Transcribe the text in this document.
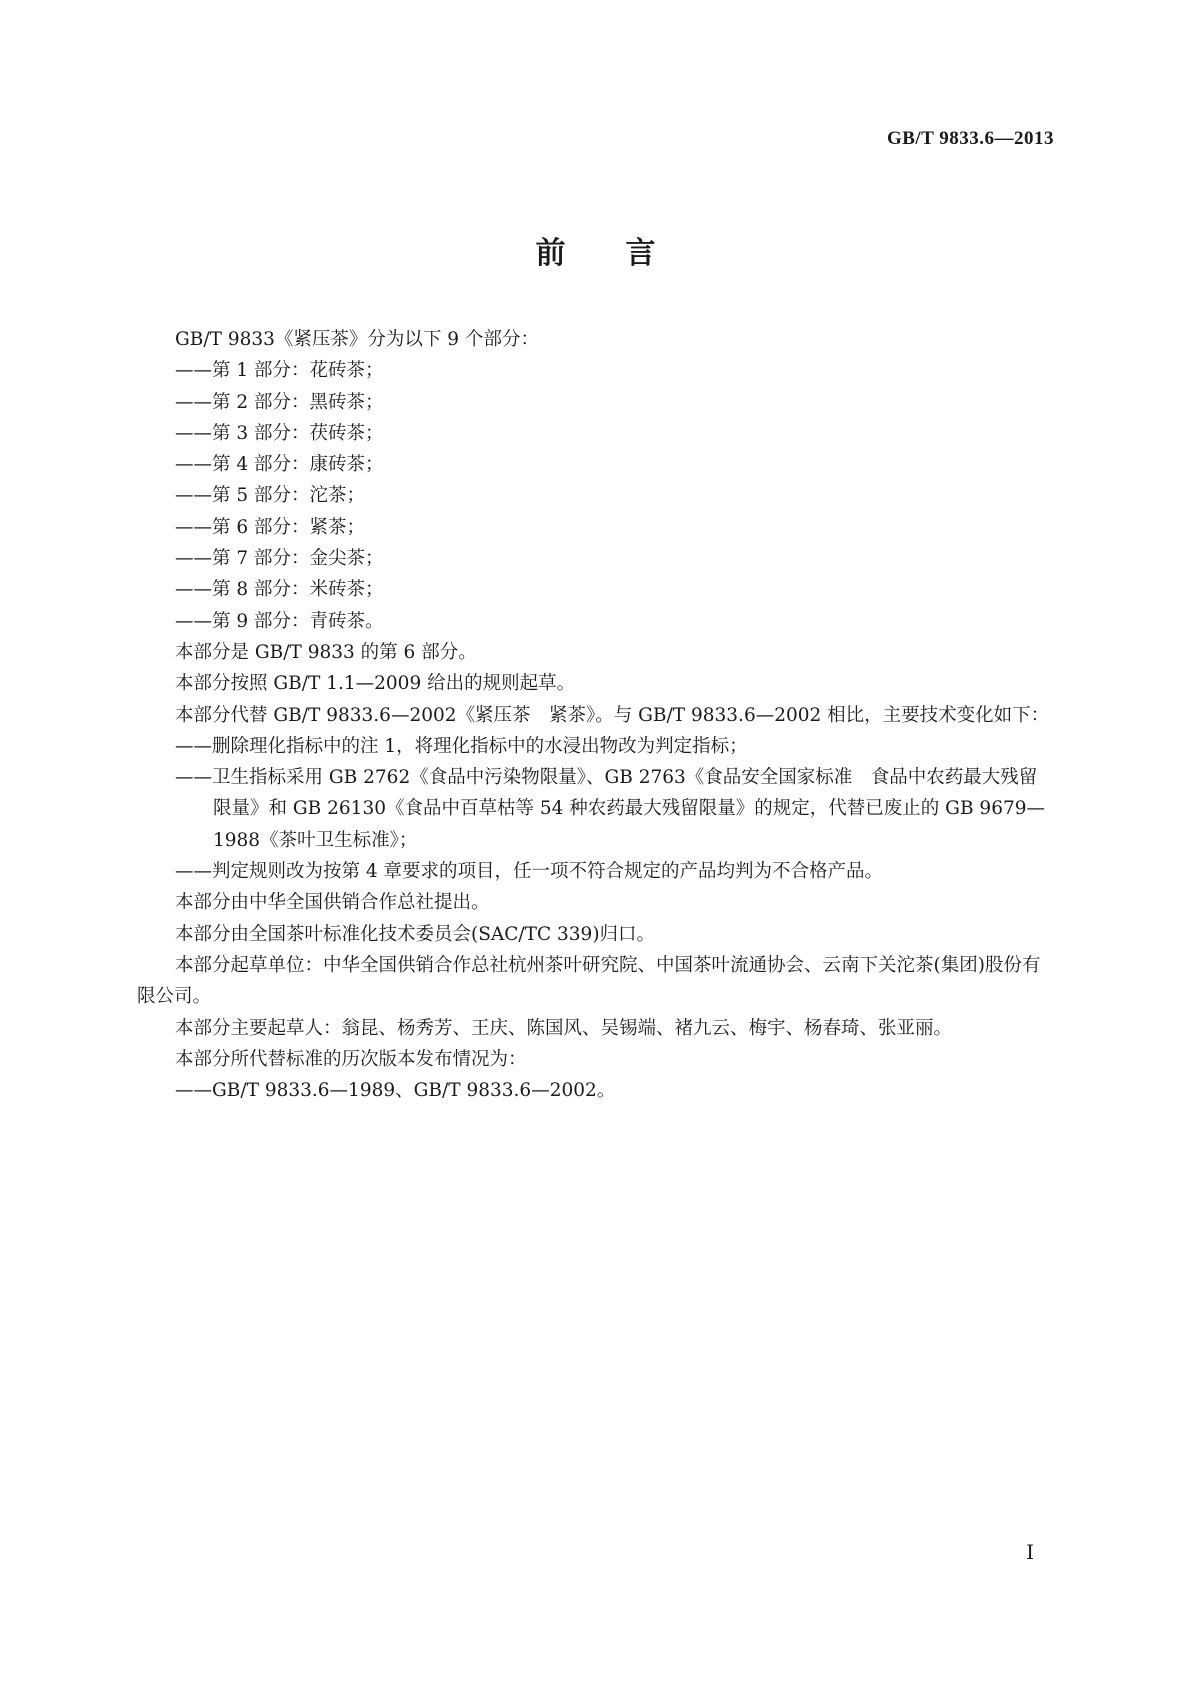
GB/T 9833.6—2013
前言
GB/T 9833《紧压茶》分为以下 9 个部分：
——第 1 部分：花砖茶；
——第 2 部分：黑砖茶；
——第 3 部分：茯砖茶；
——第 4 部分：康砖茶；
——第 5 部分：沱茶；
——第 6 部分：紧茶；
——第 7 部分：金尖茶；
——第 8 部分：米砖茶；
——第 9 部分：青砖茶。
本部分是 GB/T 9833 的第 6 部分。
本部分按照 GB/T 1.1—2009 给出的规则起草。
本部分代替 GB/T 9833.6—2002《紧压茶　紧茶》。与 GB/T 9833.6—2002 相比，主要技术变化如下：
——删除理化指标中的注 1，将理化指标中的水浸出物改为判定指标；
——卫生指标采用 GB 2762《食品中污染物限量》、GB 2763《食品安全国家标准　食品中农药最大残留限量》和 GB 26130《食品中百草枯等 54 种农药最大残留限量》的规定，代替已废止的 GB 9679—1988《茶叶卫生标准》；
——判定规则改为按第 4 章要求的项目，任一项不符合规定的产品均判为不合格产品。
本部分由中华全国供销合作总社提出。
本部分由全国茶叶标准化技术委员会(SAC/TC 339)归口。
本部分起草单位：中华全国供销合作总社杭州茶叶研究院、中国茶叶流通协会、云南下关沱茶(集团)股份有限公司。
本部分主要起草人：翁昆、杨秀芳、王庆、陈国风、吴锡端、褚九云、梅宇、杨春琦、张亚丽。
本部分所代替标准的历次版本发布情况为：
——GB/T 9833.6—1989、GB/T 9833.6—2002。
I
